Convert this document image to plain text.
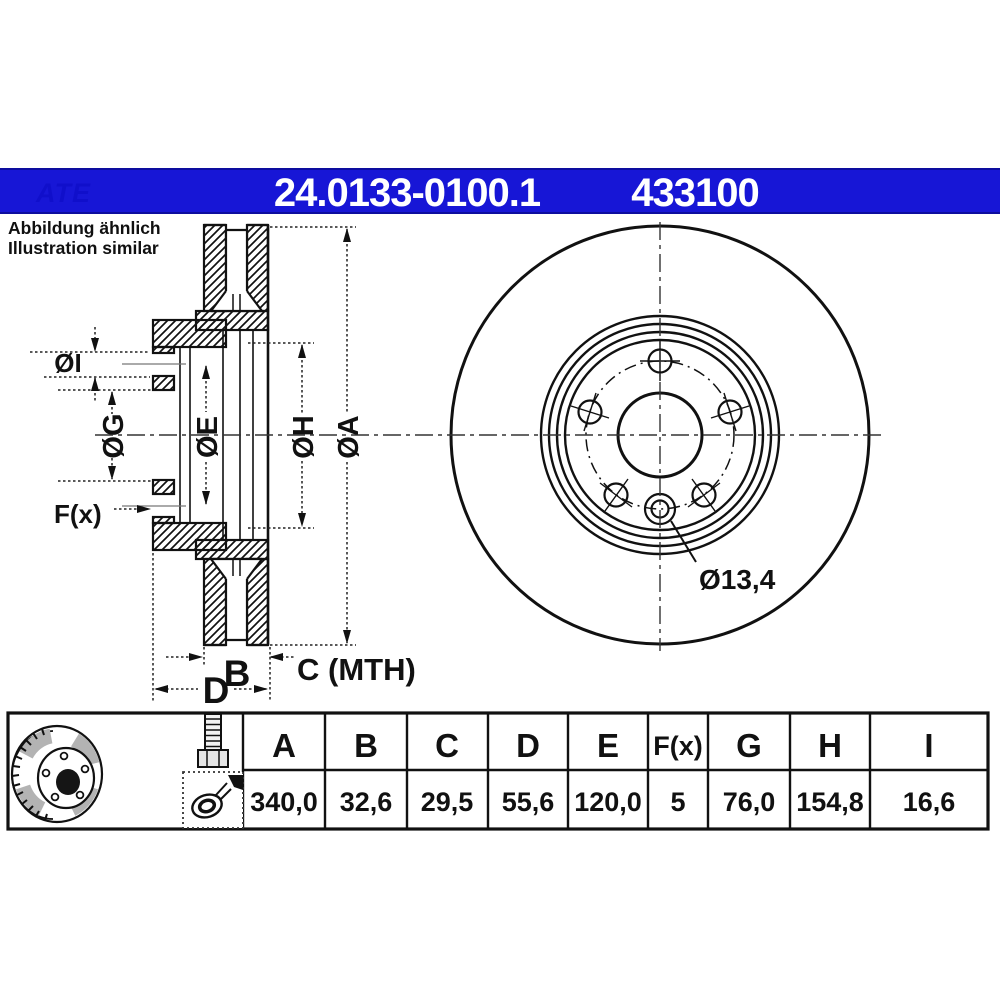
ATE	24.0133-0100.1	433100
Abbildung ähnlich
Illustration similar
ØI
ØG ØE ØH ØA
F(x)
B C (MTH)
D
Ø13,4
A B C D E F(x) G H I
340,0 32,6 29,5 55,6 120,0 5 76,0 154,8 16,6
